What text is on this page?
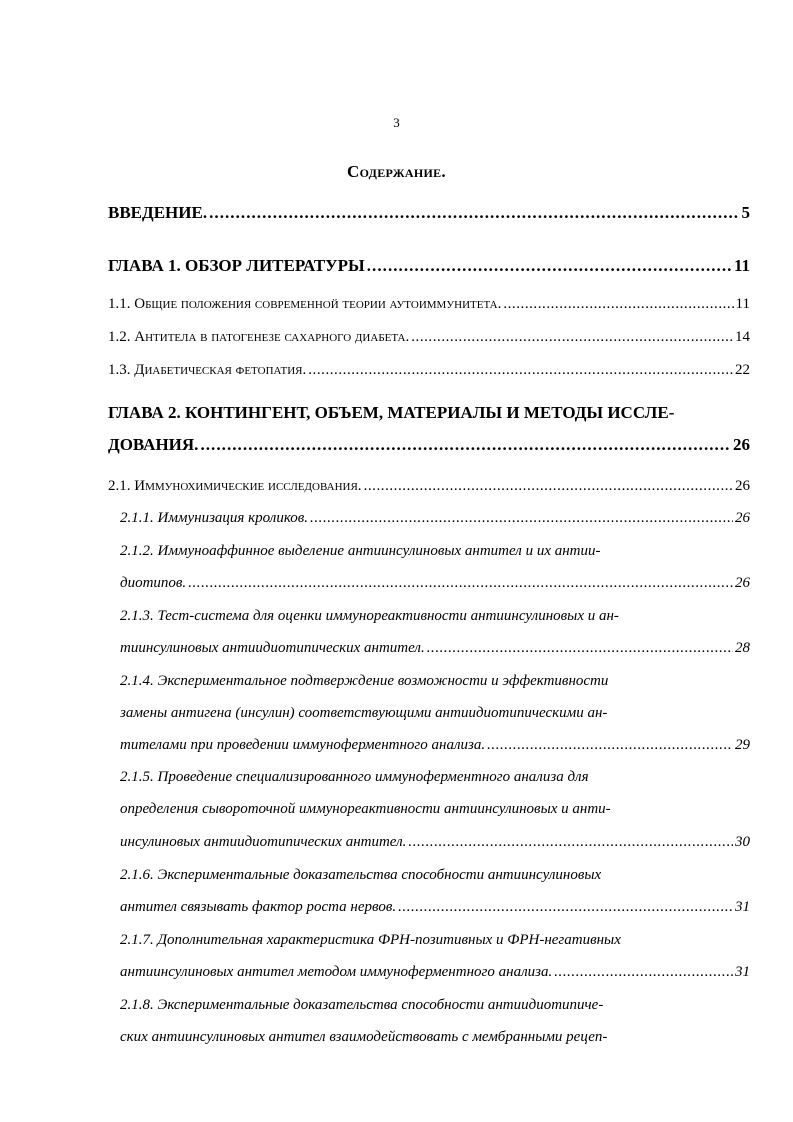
3
Содержание.
ВВЕДЕНИЕ. . . .	5
ГЛАВА 1. ОБЗОР ЛИТЕРАТУРЫ . . .	11
1.1. Общие положения современной теории аутоиммунитета. . . .	11
1.2. Антитела в патогенезе сахарного диабета. . . .	14
1.3. Диабетическая фетопатия. . . .	22
ГЛАВА 2. КОНТИНГЕНТ, ОБЪЕМ, МАТЕРИАЛЫ И МЕТОДЫ ИССЛЕ-
ДОВАНИЯ. . . .	26
2.1. Иммунохимические исследования. . . .	26
2.1.1. Иммунизация кроликов. . . .	26
2.1.2. Иммуноаффинное выделение антиинсулиновых антител и их антии-
диотипов. . . .	26
2.1.3. Тест-система для оценки иммунореактивности антиинсулиновых и ан-
тиинсулиновых антиидиотипических антител. . . .	28
2.1.4. Экспериментальное подтверждение возможности и эффективности
замены антигена (инсулин) соответствующими антиидиотипическими ан-
тителами при проведении иммуноферментного анализа. . . .	29
2.1.5. Проведение специализированного иммуноферментного анализа для
определения сывороточной иммунореактивности антиинсулиновых и анти-
инсулиновых антиидиотипических антител. . . .	30
2.1.6. Экспериментальные доказательства способности антиинсулиновых
антител связывать фактор роста нервов. . . .	31
2.1.7. Дополнительная характеристика ФРН-позитивных и ФРН-негативных
антиинсулиновых антител методом иммуноферментного анализа. . . .	31
2.1.8. Экспериментальные доказательства способности антиидиотипиче-
ских антиинсулиновых антител взаимодействовать с мембранными рецеп-
